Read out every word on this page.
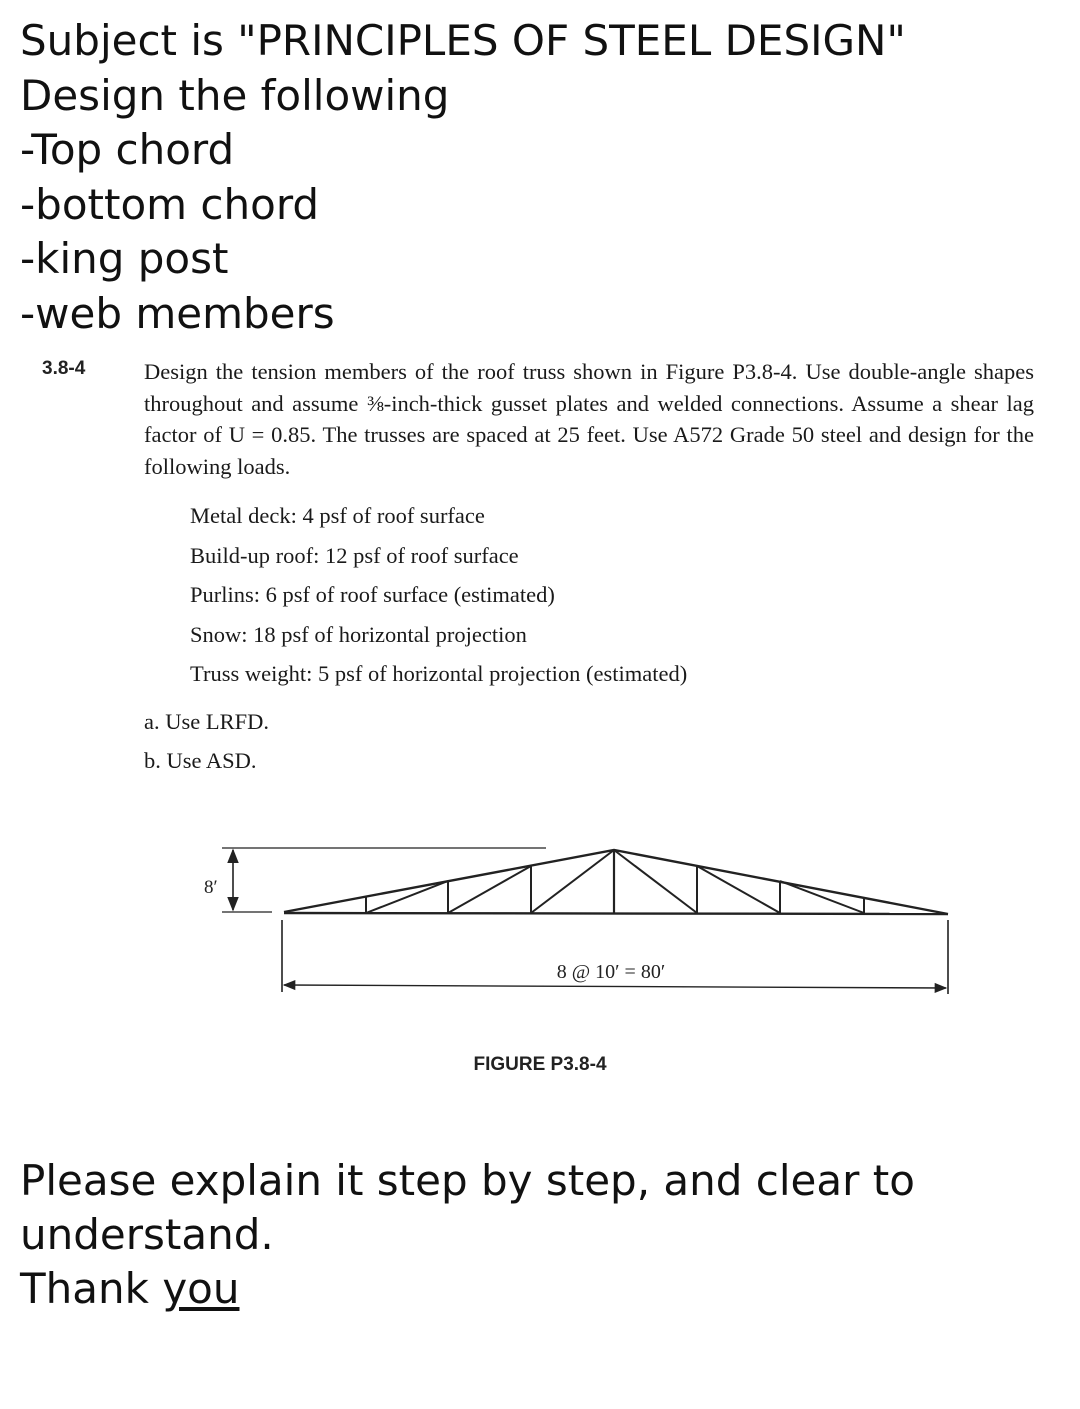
Subject is "PRINCIPLES OF STEEL DESIGN"
Design the following
-Top chord
-bottom chord
-king post
-web members
3.8-4	Design the tension members of the roof truss shown in Figure P3.8-4. Use double-angle shapes throughout and assume ⅜-inch-thick gusset plates and welded connections. Assume a shear lag factor of U = 0.85. The trusses are spaced at 25 feet. Use A572 Grade 50 steel and design for the following loads.
Metal deck: 4 psf of roof surface
Build-up roof: 12 psf of roof surface
Purlins: 6 psf of roof surface (estimated)
Snow: 18 psf of horizontal projection
Truss weight: 5 psf of horizontal projection (estimated)
a. Use LRFD.
b. Use ASD.
8′
8 @ 10′ = 80′
FIGURE P3.8-4
Please explain it step by step, and clear to
understand.
Thank you
